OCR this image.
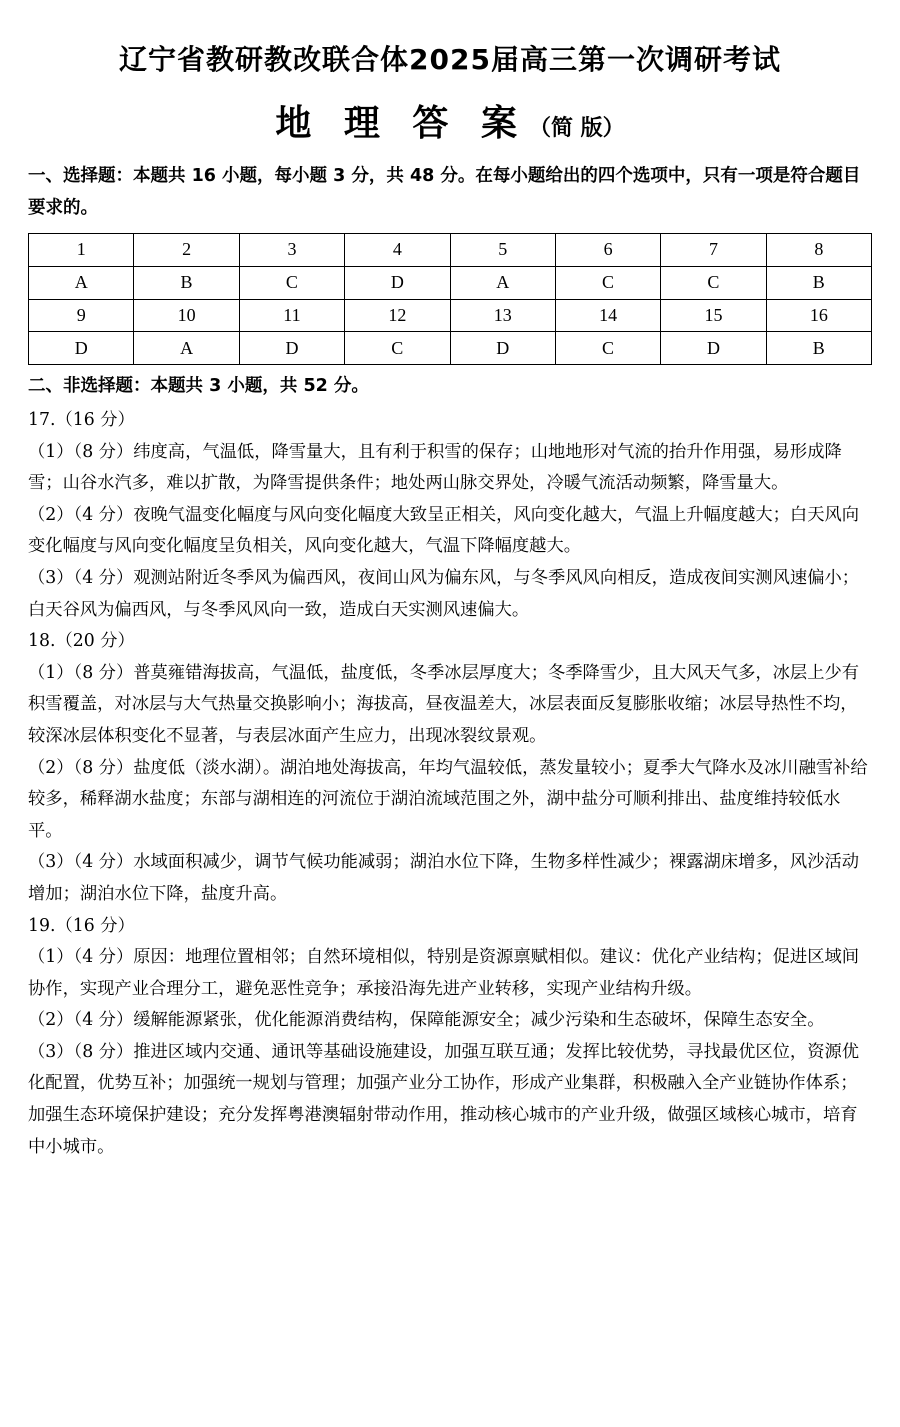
辽宁省教研教改联合体2025届高三第一次调研考试
地 理 答 案（简 版）
一、选择题：本题共 16 小题，每小题 3 分，共 48 分。在每小题给出的四个选项中，只有一项是符合题目要求的。
1	2	3	4	5	6	7	8
A	B	C	D	A	C	C	B
9	10	11	12	13	14	15	16
D	A	D	C	D	C	D	B
二、非选择题：本题共 3 小题，共 52 分。
17.（16 分）
（1）（8 分）纬度高，气温低，降雪量大，且有利于积雪的保存；山地地形对气流的抬升作用强，易形成降雪；山谷水汽多，难以扩散，为降雪提供条件；地处两山脉交界处，冷暖气流活动频繁，降雪量大。
（2）（4 分）夜晚气温变化幅度与风向变化幅度大致呈正相关，风向变化越大，气温上升幅度越大；白天风向变化幅度与风向变化幅度呈负相关，风向变化越大，气温下降幅度越大。
（3）（4 分）观测站附近冬季风为偏西风，夜间山风为偏东风，与冬季风风向相反，造成夜间实测风速偏小；白天谷风为偏西风，与冬季风风向一致，造成白天实测风速偏大。
18.（20 分）
（1）（8 分）普莫雍错海拔高，气温低，盐度低，冬季冰层厚度大；冬季降雪少，且大风天气多，冰层上少有积雪覆盖，对冰层与大气热量交换影响小；海拔高，昼夜温差大，冰层表面反复膨胀收缩；冰层导热性不均，较深冰层体积变化不显著，与表层冰面产生应力，出现冰裂纹景观。
（2）（8 分）盐度低（淡水湖）。湖泊地处海拔高，年均气温较低，蒸发量较小；夏季大气降水及冰川融雪补给较多，稀释湖水盐度；东部与湖相连的河流位于湖泊流域范围之外，湖中盐分可顺利排出、盐度维持较低水平。
（3）（4 分）水域面积减少，调节气候功能减弱；湖泊水位下降，生物多样性减少；裸露湖床增多，风沙活动增加；湖泊水位下降，盐度升高。
19.（16 分）
（1）（4 分）原因：地理位置相邻；自然环境相似，特别是资源禀赋相似。建议：优化产业结构；促进区域间协作，实现产业合理分工，避免恶性竞争；承接沿海先进产业转移，实现产业结构升级。
（2）（4 分）缓解能源紧张，优化能源消费结构，保障能源安全；减少污染和生态破坏，保障生态安全。
（3）（8 分）推进区域内交通、通讯等基础设施建设，加强互联互通；发挥比较优势，寻找最优区位，资源优化配置，优势互补；加强统一规划与管理；加强产业分工协作，形成产业集群，积极融入全产业链协作体系；加强生态环境保护建设；充分发挥粤港澳辐射带动作用，推动核心城市的产业升级，做强区域核心城市，培育中小城市。
